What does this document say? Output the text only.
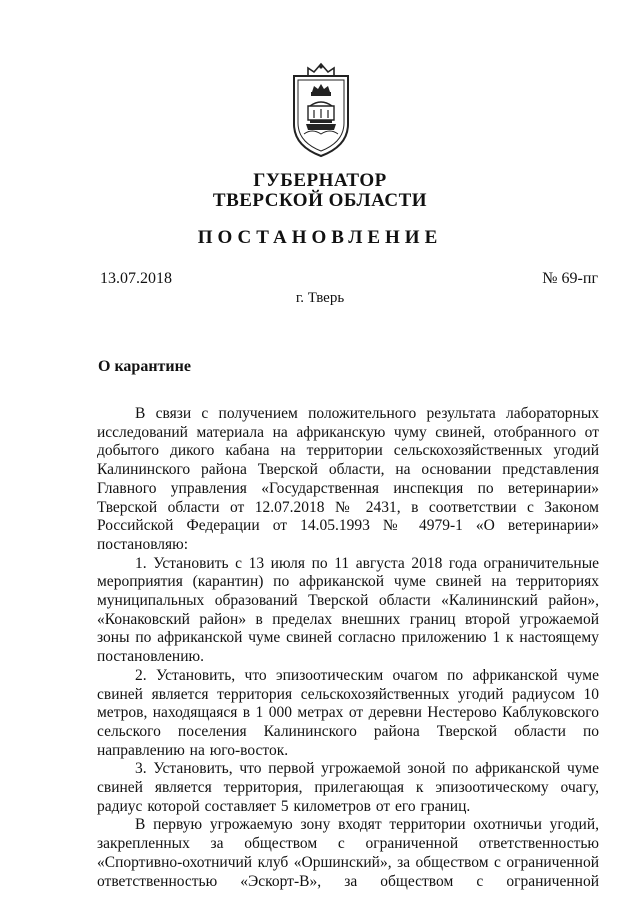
ГУБЕРНАТОР
ТВЕРСКОЙ ОБЛАСТИ
ПОСТАНОВЛЕНИЕ
13.07.2018	№ 69-пг
г. Тверь
О карантине

В связи с получением положительного результата лабораторных исследований материала на африканскую чуму свиней, отобранного от добытого дикого кабана на территории сельскохозяйственных угодий Калининского района Тверской области, на основании представления Главного управления «Государственная инспекция по ветеринарии» Тверской области от 12.07.2018 № 2431, в соответствии с Законом Российской Федерации от 14.05.1993 № 4979-1 «О ветеринарии» постановляю:

1. Установить с 13 июля по 11 августа 2018 года ограничительные мероприятия (карантин) по африканской чуме свиней на территориях муниципальных образований Тверской области «Калининский район», «Конаковский район» в пределах внешних границ второй угрожаемой зоны по африканской чуме свиней согласно приложению 1 к настоящему постановлению.

2. Установить, что эпизоотическим очагом по африканской чуме свиней является территория сельскохозяйственных угодий радиусом 10 метров, находящаяся в 1 000 метрах от деревни Нестерово Каблуковского сельского поселения Калининского района Тверской области по направлению на юго-восток.

3. Установить, что первой угрожаемой зоной по африканской чуме свиней является территория, прилегающая к эпизоотическому очагу, радиус которой составляет 5 километров от его границ.

В первую угрожаемую зону входят территории охотничьи угодий, закрепленных за обществом с ограниченной ответственностью «Спортивно-охотничий клуб «Оршинский», за обществом с ограниченной ответственностью «Эскорт-В», за обществом с ограниченной
